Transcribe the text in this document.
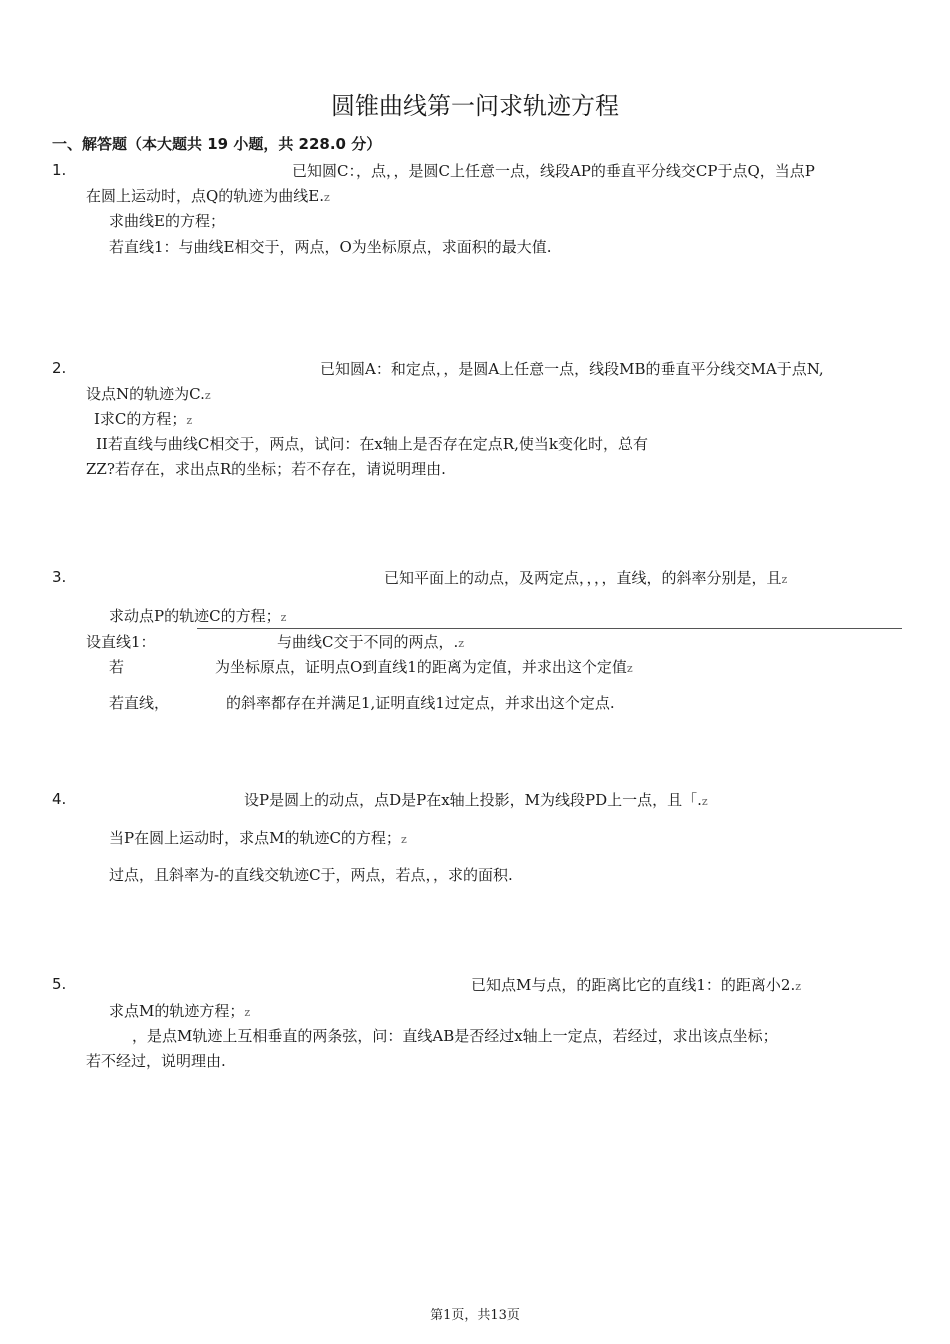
圆锥曲线第一问求轨迹方程
一、解答题（本大题共 19 小题，共 228.0 分）
1.	已知圆C：，点，，是圆C上任意一点，线段AP的垂直平分线交CP于点Q，当点P
在圆上运动时，点Q的轨迹为曲线E.z
求曲线E的方程；
若直线1：与曲线E相交于，两点，O为坐标原点，求面积的最大值.
2.	已知圆A：和定点，，是圆A上任意一点，线段MB的垂直平分线交MA于点N,
设点N的轨迹为C.z
I求C的方程；z
II若直线与曲线C相交于，两点，试问：在x轴上是否存在定点R,使当k变化时，总有
ZZ?若存在，求出点R的坐标；若不存在，请说明理由.
3.	已知平面上的动点，及两定点，，，，直线，的斜率分别是，且z
求动点P的轨迹C的方程；z
设直线1：	与曲线C交于不同的两点，.z
若	为坐标原点，证明点O到直线1的距离为定值，并求出这个定值z
若直线，	的斜率都存在并满足1,证明直线1过定点，并求出这个定点.
4.	设P是圆上的动点，点D是P在x轴上投影，M为线段PD上一点，且「.z
当P在圆上运动时，求点M的轨迹C的方程；z
过点，且斜率为-的直线交轨迹C于，两点，若点，，求的面积.
5.	已知点M与点，的距离比它的直线1：的距离小2.z
求点M的轨迹方程；z
，是点M轨迹上互相垂直的两条弦，问：直线AB是否经过x轴上一定点，若经过，求出该点坐标；
若不经过，说明理由.
第1页，共13页
